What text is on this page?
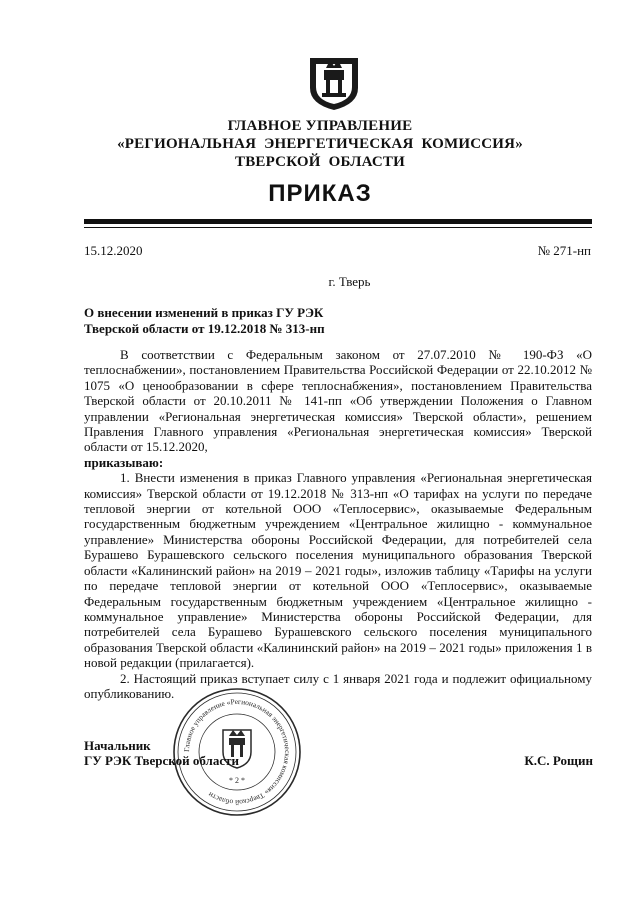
ГЛАВНОЕ УПРАВЛЕНИЕ
«РЕГИОНАЛЬНАЯ ЭНЕРГЕТИЧЕСКАЯ КОМИССИЯ»
ТВЕРСКОЙ ОБЛАСТИ
ПРИКАЗ
15.12.2020	№ 271-нп
г. Тверь
О внесении изменений в приказ ГУ РЭК
Тверской области от 19.12.2018 № 313-нп

В соответствии с Федеральным законом от 27.07.2010 № 190-ФЗ «О теплоснабжении», постановлением Правительства Российской Федерации от 22.10.2012 № 1075 «О ценообразовании в сфере теплоснабжения», постановлением Правительства Тверской области от 20.10.2011 № 141-пп «Об утверждении Положения о Главном управлении «Региональная энергетическая комиссия» Тверской области», решением Правления Главного управления «Региональная энергетическая комиссия» Тверской области от 15.12.2020,

приказываю:

1. Внести изменения в приказ Главного управления «Региональная энергетическая комиссия» Тверской области от 19.12.2018 № 313-нп «О тарифах на услуги по передаче тепловой энергии от котельной ООО «Теплосервис», оказываемые Федеральным государственным бюджетным учреждением «Центральное жилищно - коммунальное управление» Министерства обороны Российской Федерации, для потребителей села Бурашево Бурашевского сельского поселения муниципального образования Тверской области «Калининский район» на 2019 – 2021 годы», изложив таблицу «Тарифы на услуги по передаче тепловой энергии от котельной ООО «Теплосервис», оказываемые Федеральным государственным бюджетным учреждением «Центральное жилищно - коммунальное управление» Министерства обороны Российской Федерации, для потребителей села Бурашево Бурашевского сельского поселения муниципального образования Тверской области «Калининский район» на 2019 – 2021 годы» приложения 1 в новой редакции (прилагается).

2. Настоящий приказ вступает силу с 1 января 2021 года и подлежит официальному опубликованию.

Главное управление «Региональная энергетическая комиссия» Тверской области
* 2 *
Начальник
ГУ РЭК Тверской области	К.С. Рощин
